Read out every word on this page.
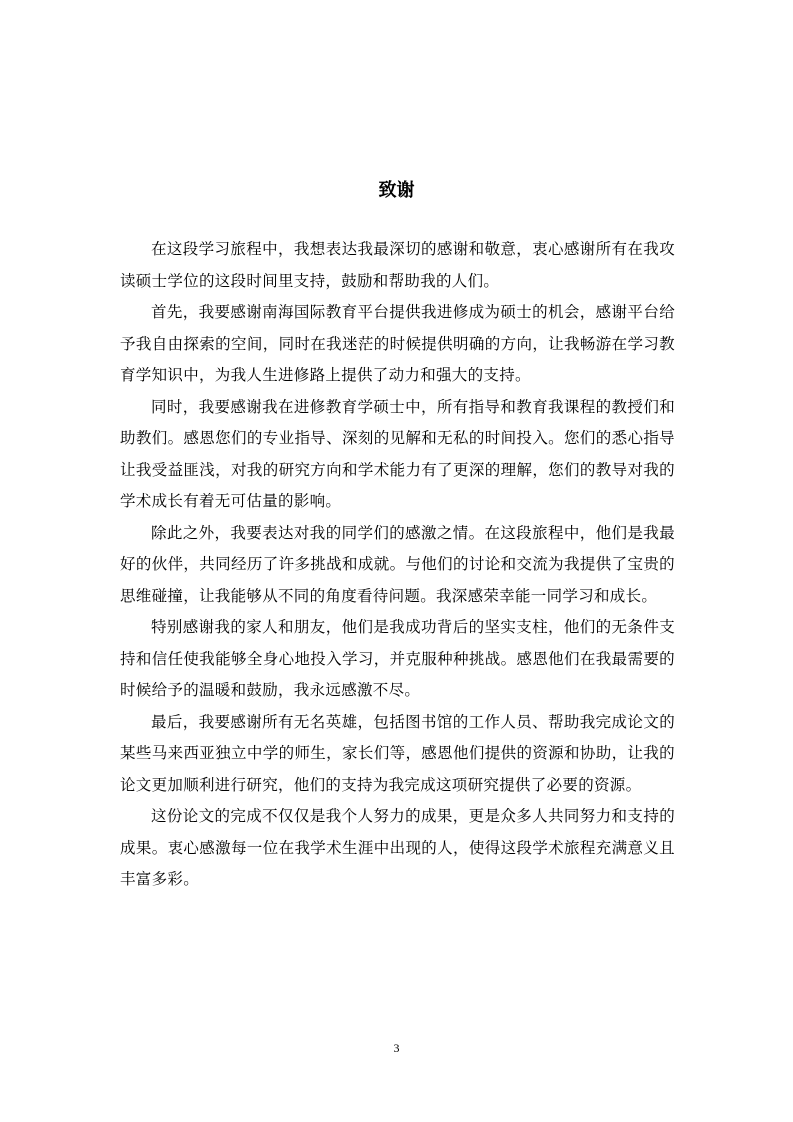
致谢

在这段学习旅程中，我想表达我最深切的感谢和敬意，衷心感谢所有在我攻读硕士学位的这段时间里支持，鼓励和帮助我的人们。

首先，我要感谢南海国际教育平台提供我进修成为硕士的机会，感谢平台给予我自由探索的空间，同时在我迷茫的时候提供明确的方向，让我畅游在学习教育学知识中，为我人生进修路上提供了动力和强大的支持。

同时，我要感谢我在进修教育学硕士中，所有指导和教育我课程的教授们和助教们。感恩您们的专业指导、深刻的见解和无私的时间投入。您们的悉心指导让我受益匪浅，对我的研究方向和学术能力有了更深的理解，您们的教导对我的学术成长有着无可估量的影响。

除此之外，我要表达对我的同学们的感激之情。在这段旅程中，他们是我最好的伙伴，共同经历了许多挑战和成就。与他们的讨论和交流为我提供了宝贵的思维碰撞，让我能够从不同的角度看待问题。我深感荣幸能一同学习和成长。

特别感谢我的家人和朋友，他们是我成功背后的坚实支柱，他们的无条件支持和信任使我能够全身心地投入学习，并克服种种挑战。感恩他们在我最需要的时候给予的温暖和鼓励，我永远感激不尽。

最后，我要感谢所有无名英雄，包括图书馆的工作人员、帮助我完成论文的某些马来西亚独立中学的师生，家长们等，感恩他们提供的资源和协助，让我的论文更加顺利进行研究，他们的支持为我完成这项研究提供了必要的资源。

这份论文的完成不仅仅是我个人努力的成果，更是众多人共同努力和支持的成果。衷心感激每一位在我学术生涯中出现的人，使得这段学术旅程充满意义且丰富多彩。

3
